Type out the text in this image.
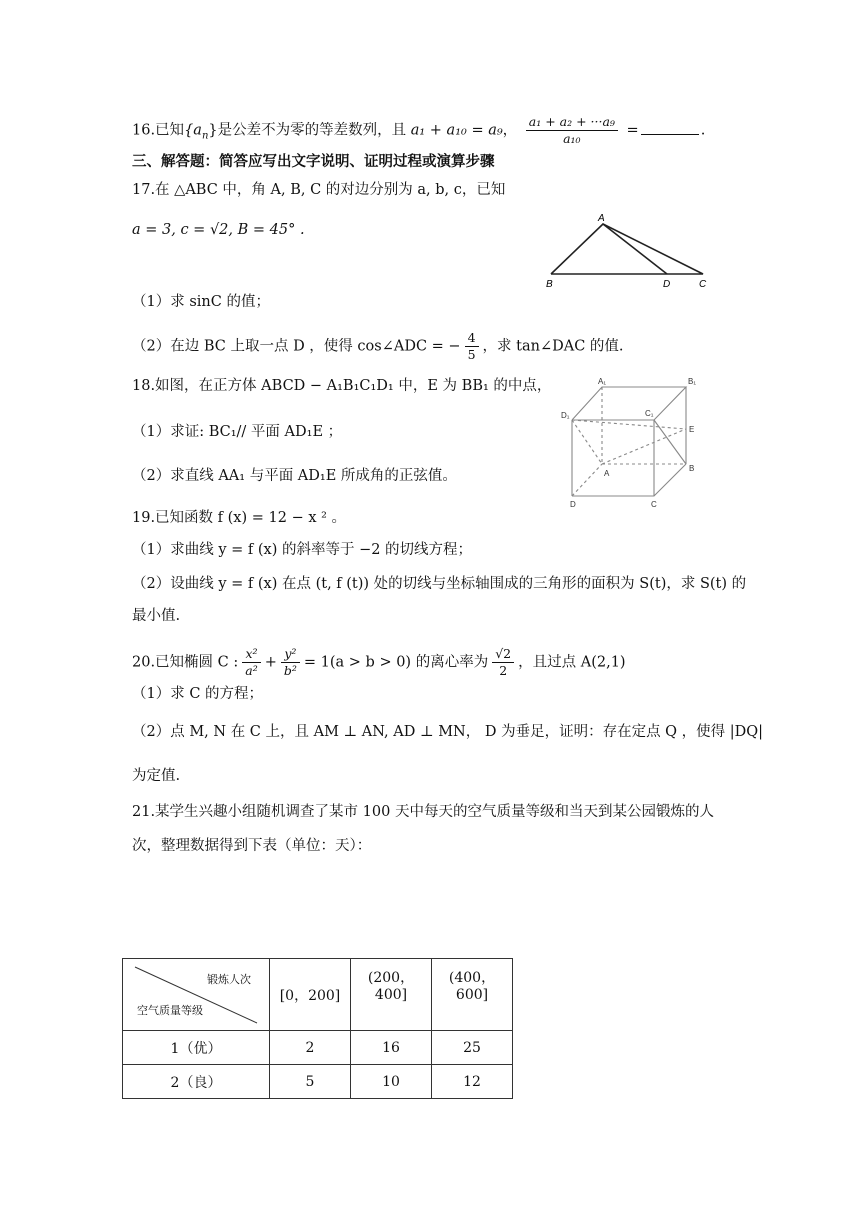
16.已知$\{a_n\}$是公差不为零的等差数列，且 a₁ + a₁₀ = a₉， $\frac{\text{a₁ + a₂ + ···a₉}}{\text{a₁₀}}$ =	.
三、解答题：简答应写出文字说明、证明过程或演算步骤
17.在 △ABC 中，角 A, B, C 的对边分别为 a, b, c，已知
a = 3, c = √2, B = 45° .
A
B	D	C
（1）求 sinC 的值；
（2）在边 BC 上取一点 D ，使得 cos∠ADC = − $\frac{4}{5}$ ，求 tan∠DAC 的值.
18.如图，在正方体 ABCD − A₁B₁C₁D₁ 中，E 为 BB₁ 的中点，
（1）求证: BC₁// 平面 AD₁E ；
（2）求直线 AA₁ 与平面 AD₁E 所成角的正弦值。
A₁	B₁
C₁
D₁
E
B
A
D	C
19.已知函数 f (x) = 12 − x ² 。
（1）求曲线 y = f (x) 的斜率等于 −2 的切线方程；
（2）设曲线 y = f (x) 在点 (t, f (t)) 处的切线与坐标轴围成的三角形的面积为 S(t)，求 S(t) 的
最小值.
20.已知椭圆 C : $\frac{\text{x²}}{\text{a²}} + \frac{\text{y²}}{\text{b²}} = 1(a > b > 0)$ 的离心率为 $\frac{√2}{2}$ ，且过点 A(2,1)
（1）求 C 的方程；
（2）点 M, N 在 C 上，且 AM ⊥ AN, AD ⊥ MN， D 为垂足，证明：存在定点 Q ，使得 |DQ|
为定值.
21.某学生兴趣小组随机调查了某市 100 天中每天的空气质量等级和当天到某公园锻炼的人
次，整理数据得到下表（单位：天）：
锻炼人次
空气质量等级	[0，200]	(200，400]	(400，600]
1（优）	2	16	25
2（良）	5	10	12
